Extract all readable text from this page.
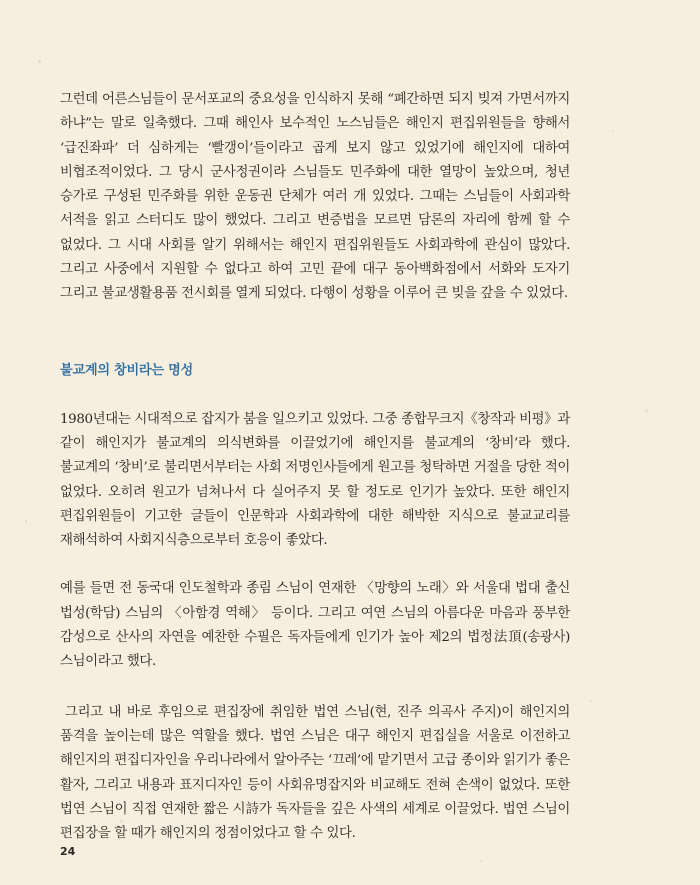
그런데 어른스님들이 문서포교의 중요성을 인식하지 못해 “폐간하면 되지 빚져 가면서까지 하냐”는 말로 일축했다. 그때 해인사 보수적인 노스님들은 해인지 편집위원들을 향해서 ‘급진좌파’ 더 심하게는 ‘빨갱이’들이라고 곱게 보지 않고 있었기에 해인지에 대하여 비협조적이었다. 그 당시 군사정권이라 스님들도 민주화에 대한 열망이 높았으며, 청년 승가로 구성된 민주화를 위한 운동권 단체가 여러 개 있었다. 그때는 스님들이 사회과학 서적을 읽고 스터디도 많이 했었다. 그리고 변증법을 모르면 담론의 자리에 함께 할 수 없었다. 그 시대 사회를 알기 위해서는 해인지 편집위원들도 사회과학에 관심이 많았다. 그리고 사중에서 지원할 수 없다고 하여 고민 끝에 대구 동아백화점에서 서화와 도자기 그리고 불교생활용품 전시회를 열게 되었다. 다행이 성황을 이루어 큰 빚을 갚을 수 있었다.

불교계의 창비라는 명성

1980년대는 시대적으로 잡지가 붐을 일으키고 있었다. 그중 종합무크지《창작과 비평》과 같이 해인지가 불교계의 의식변화를 이끌었기에 해인지를 불교계의 ‘창비’라 했다. 불교계의 ‘창비’로 불리면서부터는 사회 저명인사들에게 원고를 청탁하면 거절을 당한 적이 없었다. 오히려 원고가 넘쳐나서 다 실어주지 못 할 정도로 인기가 높았다. 또한 해인지 편집위원들이 기고한 글들이 인문학과 사회과학에 대한 해박한 지식으로 불교교리를 재해석하여 사회지식층으로부터 호응이 좋았다.

예를 들면 전 동국대 인도철학과 종림 스님이 연재한 〈망향의 노래〉와 서울대 법대 출신 법성(학담) 스님의 〈아함경 역해〉 등이다. 그리고 여연 스님의 아름다운 마음과 풍부한 감성으로 산사의 자연을 예찬한 수필은 독자들에게 인기가 높아 제2의 법정法頂(송광사) 스님이라고 했다.

그리고 내 바로 후임으로 편집장에 취임한 법연 스님(현, 진주 의곡사 주지)이 해인지의 품격을 높이는데 많은 역할을 했다. 법연 스님은 대구 해인지 편집실을 서울로 이전하고 해인지의 편집디자인을 우리나라에서 알아주는 ‘끄레’에 맡기면서 고급 종이와 읽기가 좋은 활자, 그리고 내용과 표지디자인 등이 사회유명잡지와 비교해도 전혀 손색이 없었다. 또한 법연 스님이 직접 연재한 짧은 시詩가 독자들을 깊은 사색의 세계로 이끌었다. 법연 스님이 편집장을 할 때가 해인지의 정점이었다고 할 수 있다.

24
